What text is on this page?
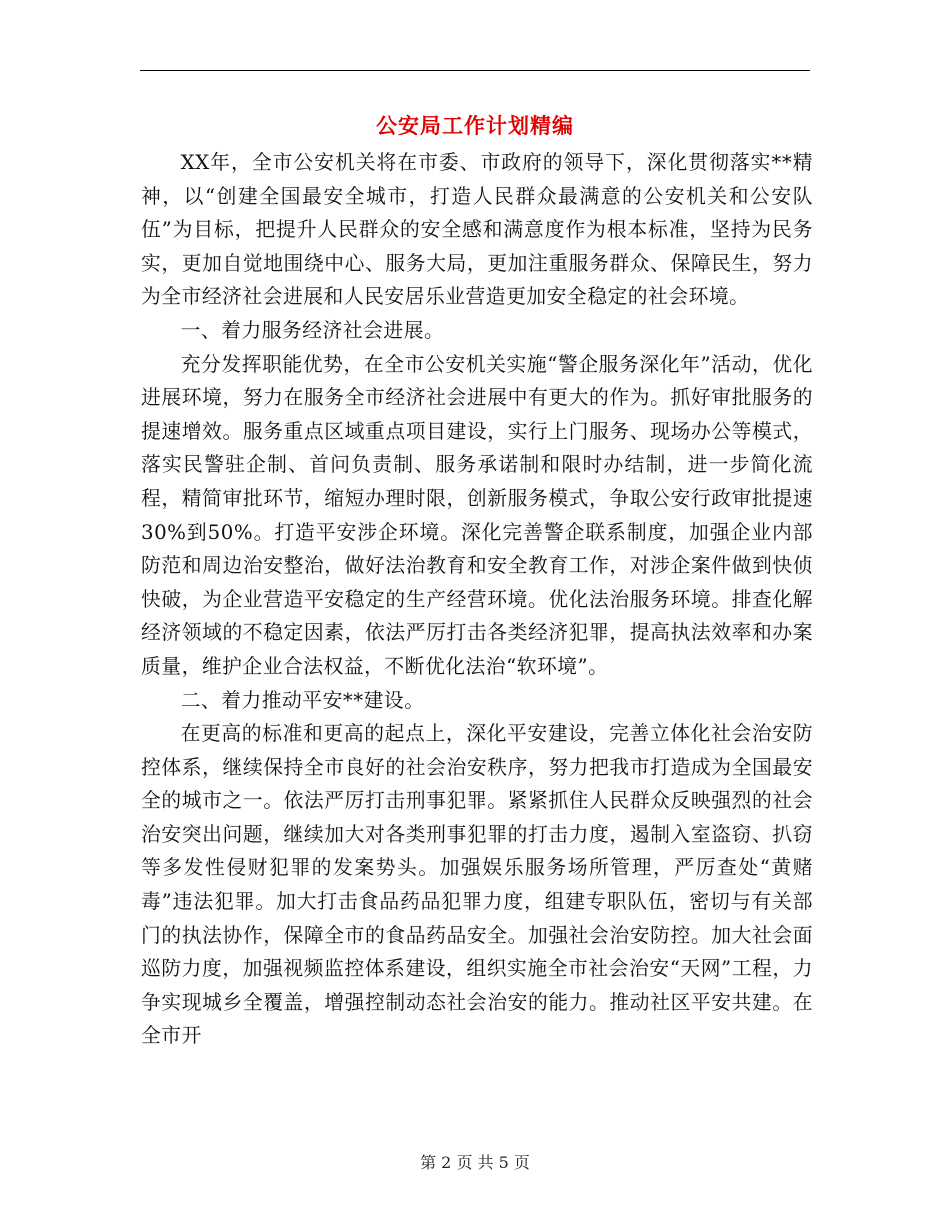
公安局工作计划精编

XX年，全市公安机关将在市委、市政府的领导下，深化贯彻落实**精神，以“创建全国最安全城市，打造人民群众最满意的公安机关和公安队伍”为目标，把提升人民群众的安全感和满意度作为根本标准，坚持为民务实，更加自觉地围绕中心、服务大局，更加注重服务群众、保障民生，努力为全市经济社会进展和人民安居乐业营造更加安全稳定的社会环境。

一、着力服务经济社会进展。

充分发挥职能优势，在全市公安机关实施“警企服务深化年”活动，优化进展环境，努力在服务全市经济社会进展中有更大的作为。抓好审批服务的提速增效。服务重点区域重点项目建设，实行上门服务、现场办公等模式，落实民警驻企制、首问负责制、服务承诺制和限时办结制，进一步简化流程，精简审批环节，缩短办理时限，创新服务模式，争取公安行政审批提速30%到50%。打造平安涉企环境。深化完善警企联系制度，加强企业内部防范和周边治安整治，做好法治教育和安全教育工作，对涉企案件做到快侦快破，为企业营造平安稳定的生产经营环境。优化法治服务环境。排查化解经济领域的不稳定因素，依法严厉打击各类经济犯罪，提高执法效率和办案质量，维护企业合法权益，不断优化法治“软环境”。

二、着力推动平安**建设。

在更高的标准和更高的起点上，深化平安建设，完善立体化社会治安防控体系，继续保持全市良好的社会治安秩序，努力把我市打造成为全国最安全的城市之一。依法严厉打击刑事犯罪。紧紧抓住人民群众反映强烈的社会治安突出问题，继续加大对各类刑事犯罪的打击力度，遏制入室盗窃、扒窃等多发性侵财犯罪的发案势头。加强娱乐服务场所管理，严厉查处“黄赌毒”违法犯罪。加大打击食品药品犯罪力度，组建专职队伍，密切与有关部门的执法协作，保障全市的食品药品安全。加强社会治安防控。加大社会面巡防力度，加强视频监控体系建设，组织实施全市社会治安“天网”工程，力争实现城乡全覆盖，增强控制动态社会治安的能力。推动社区平安共建。在全市开

第 2 页 共 5 页
